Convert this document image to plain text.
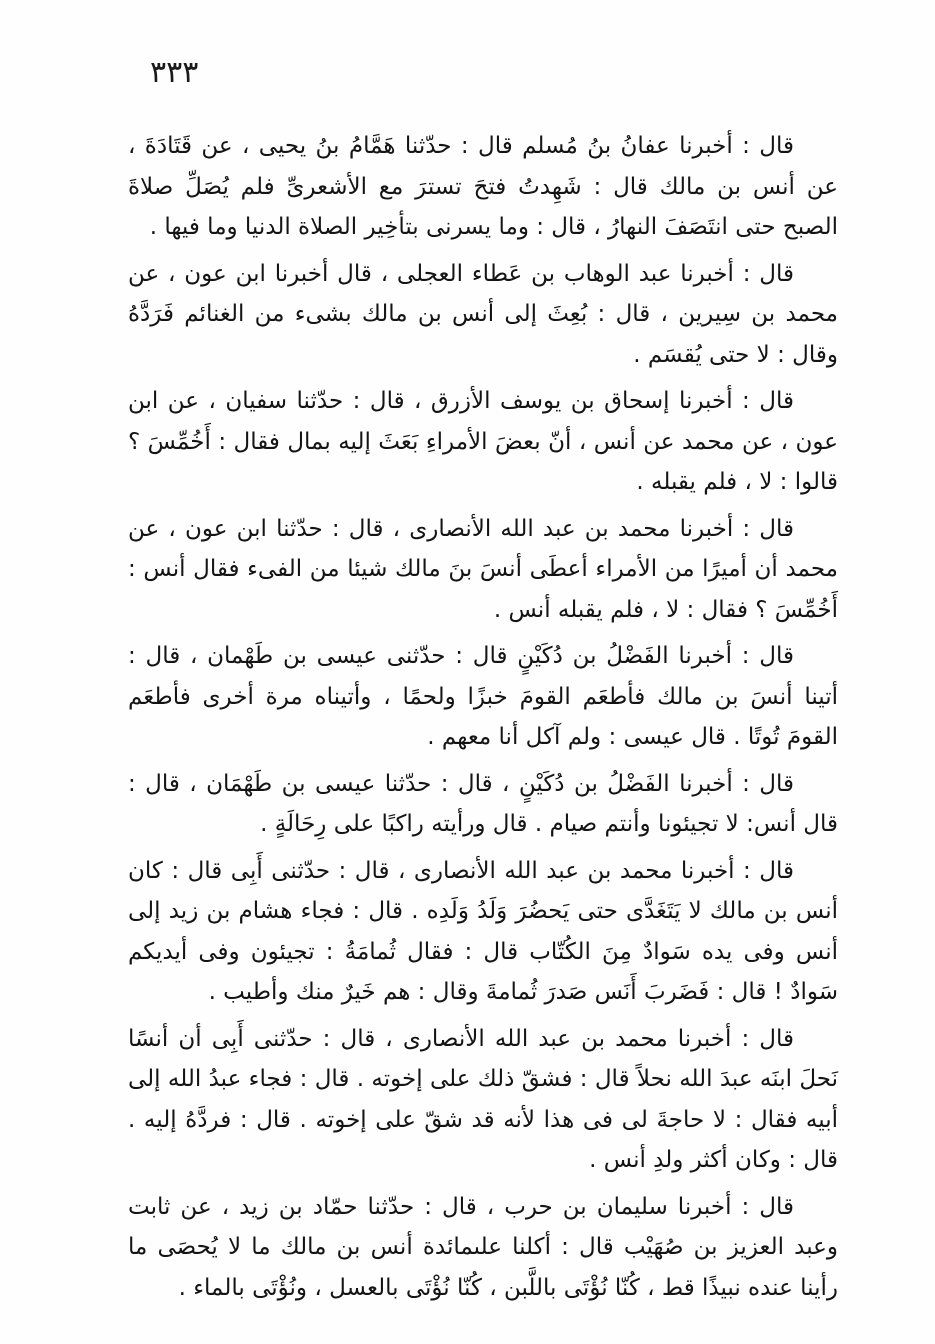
٣٣٣

قال : أخبرنا عفانُ بنُ مُسلم قال : حدّثنا هَمَّامُ بنُ يحيى ، عن قَتَادَةَ ، عن أنس بن مالك قال : شَهِدتُ فتحَ تسترَ مع الأشعرىِّ فلم يُصَلِّ صلاةَ الصبح حتى انتَصَفَ النهارُ ، قال : وما يسرنى بتأخِير الصلاة الدنيا وما فيها .

قال : أخبرنا عبد الوهاب بن عَطاء العجلى ، قال أخبرنا ابن عون ، عن محمد بن سِيرين ، قال : بُعِثَ إلى أنس بن مالك بشىء من الغنائم فَرَدَّهُ وقال : لا حتى يُقسَم .

قال : أخبرنا إسحاق بن يوسف الأزرق ، قال : حدّثنا سفيان ، عن ابن عون ، عن محمد عن أنس ، أنّ بعضَ الأمراءِ بَعَثَ إليه بمال فقال : أَخُمِّسَ ؟ قالوا : لا ، فلم يقبله .

قال : أخبرنا محمد بن عبد الله الأنصارى ، قال : حدّثنا ابن عون ، عن محمد أن أميرًا من الأمراء أعطَى أنسَ بنَ مالك شيئا من الفىء فقال أنس : أَخُمِّسَ ؟ فقال : لا ، فلم يقبله أنس .

قال : أخبرنا الفَضْلُ بن دُكَيْنٍ قال : حدّثنى عيسى بن طَهْمان ، قال : أتينا أنسَ بن مالك فأطعَم القومَ خبزًا ولحمًا ، وأتيناه مرة أخرى فأطعَم القومَ تُوتًا . قال عيسى : ولم آكل أنا معهم .

قال : أخبرنا الفَضْلُ بن دُكَيْنٍ ، قال : حدّثنا عيسى بن طَهْمَان ، قال : قال أنس: لا تجيئونا وأنتم صيام . قال ورأيته راكبًا على رِحَالَةٍ .

قال : أخبرنا محمد بن عبد الله الأنصارى ، قال : حدّثنى أَبِى قال : كان أنس بن مالك لا يَتَغَدَّى حتى يَحضُرَ وَلَدُ وَلَدِه . قال : فجاء هشام بن زيد إلى أنس وفى يده سَوادٌ مِنَ الكُتّاب قال : فقال ثُمامَةُ : تجيئون وفى أيديكم سَوادٌ ! قال : فَضَربَ أَنَس صَدرَ ثُمامةَ وقال : هم خَيرٌ منك وأطيب .

قال : أخبرنا محمد بن عبد الله الأنصارى ، قال : حدّثنى أَبِى أن أنسًا نَحلَ ابنَه عبدَ الله نحلاً قال : فشقّ ذلك على إخوته . قال : فجاء عبدُ الله إلى أبيه فقال : لا حاجةَ لى فى هذا لأنه قد شقّ على إخوته . قال : فردَّهُ إليه . قال : وكان أكثر ولدِ أنس .

قال : أخبرنا سليمان بن حرب ، قال : حدّثنا حمّاد بن زيد ، عن ثابت وعبد العزيز بن صُهَيْب قال : أكلنا علىمائدة أنس بن مالك ما لا يُحصَى ما رأينا عنده نبيذًا قط ، كُنّا نُؤْتَى باللَّبن ، كُنّا نُؤْتَى بالعسل ، ونُؤْتَى بالماء .
